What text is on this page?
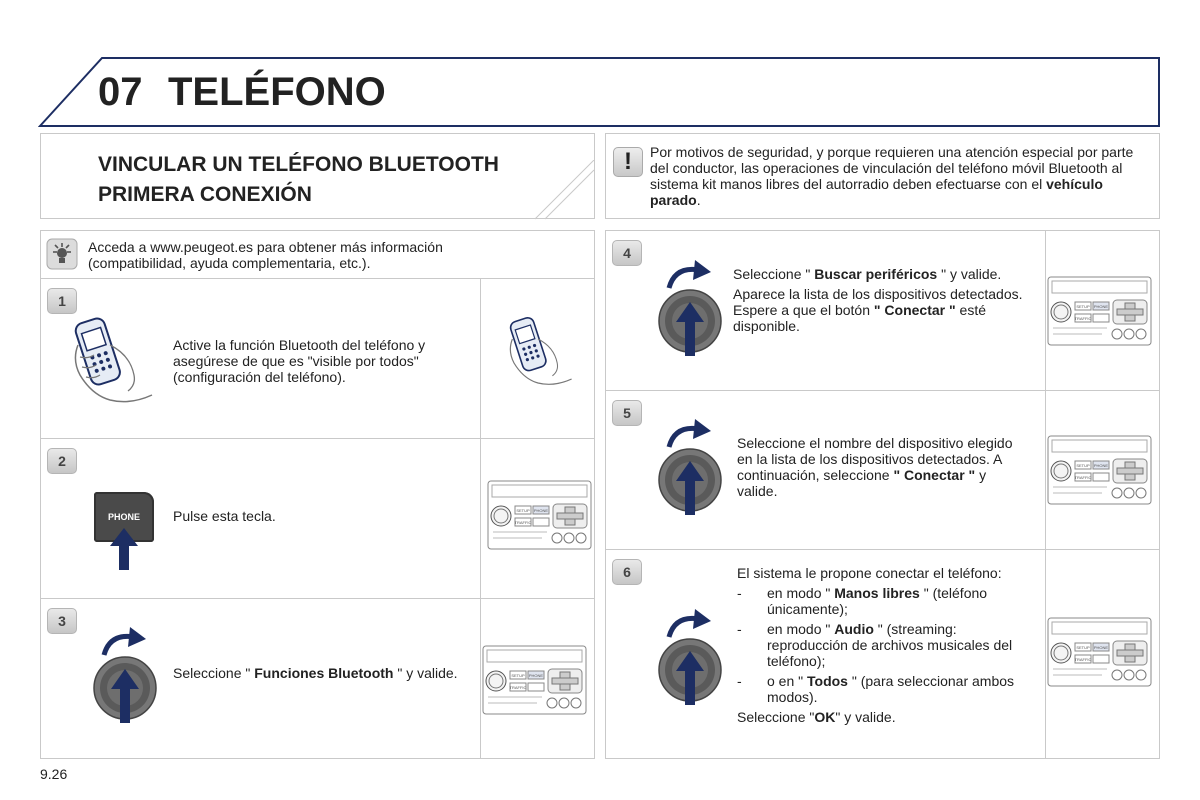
07 TELÉFONO
VINCULAR UN TELÉFONO BLUETOOTH
PRIMERA CONEXIÓN
!	Por motivos de seguridad, y porque requieren una atención especial por parte del conductor, las operaciones de vinculación del teléfono móvil Bluetooth al sistema kit manos libres del autorradio deben efectuarse con el vehículo parado.
Acceda a www.peugeot.es para obtener más información (compatibilidad, ayuda complementaria, etc.).
1
Active la función Bluetooth del teléfono y asegúrese de que es "visible por todos" (configuración del teléfono).
2
PHONE	Pulse esta tecla.
3
Seleccione " Funciones Bluetooth " y valide.
4
Seleccione " Buscar periféricos " y valide.
Aparece la lista de los dispositivos detectados. Espere a que el botón " Conectar " esté disponible.
5
Seleccione el nombre del dispositivo elegido en la lista de los dispositivos detectados. A continuación, seleccione " Conectar " y valide.
6	El sistema le propone conectar el teléfono:
- en modo " Manos libres " (teléfono únicamente);
- en modo " Audio " (streaming: reproducción de archivos musicales del teléfono);
- o en " Todos " (para seleccionar ambos modos).
Seleccione "OK" y valide.
SETUP PHONE
TRAFFIC
SETUP PHONE
TRAFFIC
SETUP PHONE
TRAFFIC
SETUP PHONE
TRAFFIC
SETUP PHONE
TRAFFIC
9.26
